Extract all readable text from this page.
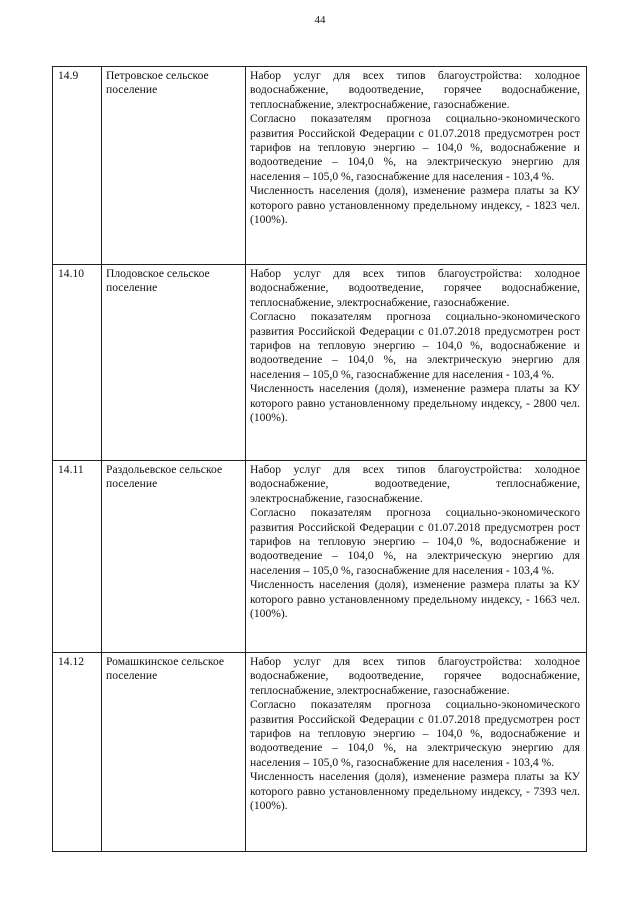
44
14.9	Петровское сельское поселение	Набор услуг для всех типов благоустройства: холодное водоснабжение, водоотведение, горячее водоснабжение, теплоснабжение, электроснабжение, газоснабжение.

Согласно показателям прогноза социально-экономического развития Российской Федерации с 01.07.2018 предусмотрен рост тарифов на тепловую энергию – 104,0 %, водоснабжение и водоотведение – 104,0 %, на электрическую энергию для населения – 105,0 %, газоснабжение для населения - 103,4 %.

Численность населения (доля), изменение размера платы за КУ которого равно установленному предельному индексу, - 1823 чел. (100%).

14.10	Плодовское сельское поселение	Набор услуг для всех типов благоустройства: холодное водоснабжение, водоотведение, горячее водоснабжение, теплоснабжение, электроснабжение, газоснабжение.

Согласно показателям прогноза социально-экономического развития Российской Федерации с 01.07.2018 предусмотрен рост тарифов на тепловую энергию – 104,0 %, водоснабжение и водоотведение – 104,0 %, на электрическую энергию для населения – 105,0 %, газоснабжение для населения - 103,4 %.

Численность населения (доля), изменение размера платы за КУ которого равно установленному предельному индексу, - 2800 чел. (100%).

14.11	Раздольевское сельское поселение	Набор услуг для всех типов благоустройства: холодное водоснабжение, водоотведение, теплоснабжение, электроснабжение, газоснабжение.

Согласно показателям прогноза социально-экономического развития Российской Федерации с 01.07.2018 предусмотрен рост тарифов на тепловую энергию – 104,0 %, водоснабжение и водоотведение – 104,0 %, на электрическую энергию для населения – 105,0 %, газоснабжение для населения - 103,4 %.

Численность населения (доля), изменение размера платы за КУ которого равно установленному предельному индексу, - 1663 чел. (100%).

14.12	Ромашкинское сельское поселение	Набор услуг для всех типов благоустройства: холодное водоснабжение, водоотведение, горячее водоснабжение, теплоснабжение, электроснабжение, газоснабжение.

Согласно показателям прогноза социально-экономического развития Российской Федерации с 01.07.2018 предусмотрен рост тарифов на тепловую энергию – 104,0 %, водоснабжение и водоотведение – 104,0 %, на электрическую энергию для населения – 105,0 %, газоснабжение для населения - 103,4 %.

Численность населения (доля), изменение размера платы за КУ которого равно установленному предельному индексу, - 7393 чел. (100%).
